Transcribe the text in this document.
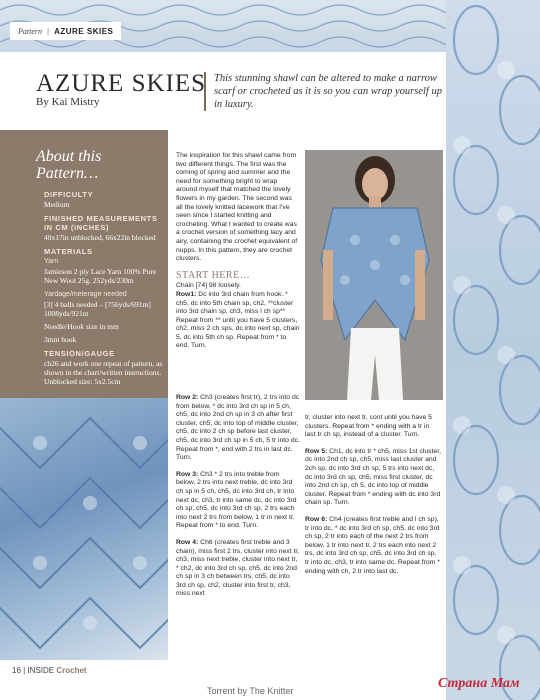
Pattern | AZURE SKIES
AZURE SKIES
By Kai Mistry
This stunning shawl can be altered to make a narrow scarf or crocheted as it is so you can wrap yourself up in luxury.
About this
Pattern…
DIFFICULTY
Medium
FINISHED MEASUREMENTS
IN CM (INCHES)
40x17in unblocked, 66x22in blocked
MATERIALS
Yarn
Jamieson 2 ply Lace Yarn 100% Pure New Wool 25g. 252yds/230m
Yardage/meterage needed
[3] 4 balls needed – [756yds/691m]
1008yds/921m
Needle/Hook size in mm
3mm hook
TENSION/GAUGE
ch26 and work one repeat of pattern, as shown in the chart/written instructions. Unblocked size: 5x2.5cm

The inspiration for this shawl came from two different things. The first was the coming of spring and summer and the need for something bright to wrap around myself that matched the lovely flowers in my garden. The second was all the lovely knitted lacework that I've seen since I started knitting and crocheting. What I wanted to create was a crochet version of something lacy and airy, containing the crochet equivalent of nupps. In this pattern, they are crochet clusters.

START HERE…
Chain [74] 98 loosely.

Row1: Dc into 3rd chain from hook. * ch5, dc into 5th chain sp, ch2, **cluster into 3rd chain sp, ch3, miss l ch sp** Repeat from ** until you have 5 clusters, ch2, miss 2 ch sps, dc into next sp, chain 5, dc into 5th ch sp. Repeat from * to end. Turn.

Row 2: Ch3 (creates first tr), 2 trs into dc from below, * dc into 3rd ch sp in 5 ch, ch5, dc into 2nd ch sp in 3 ch after first cluster, ch5, dc into top of middle cluster, ch5, dc into 2 ch sp before last cluster, ch5, dc into 3rd ch sp in 5 ch, 5 tr into dc. Repeat from *, end with 2 trs in last dc. Turn.

Row 3: Ch3 * 2 trs into treble from below, 2 trs into next treble, dc into 3rd ch sp in 5 ch, ch5, dc into 3rd ch, tr into next dc, ch3, tr into same dc, dc into 3rd ch sp, ch5, dc into 3rd ch sp, 2 trs each into next 2 trs from below, 1 tr in next tr. Repeat from * to end. Turn.

Row 4: Ch6 (creates first treble and 3 chain), miss first 2 trs, cluster into next tr, ch3, miss next treble, cluster into next tr, * ch2, dc into 3rd ch sp, ch5, dc into 2nd ch sp in 3 ch between trs, ch5, dc into 3rd ch sp, ch2, cluster into first tr, ch3, miss next

tr, cluster into next tr, cont until you have 5 clusters. Repeat from * ending with a tr in last tr ch sp, instead of a cluster. Turn.

Row 5: Ch1, dc into tr * ch5, miss 1st cluster, dc into 2nd ch sp, ch5, miss last cluster and 2ch sp, dc into 3rd ch sp, 5 trs into next dc, dc into 3rd ch sp, ch5, miss first cluster, dc into 2nd ch sp, ch 5, dc into top of middle cluster. Repeat from * ending with dc into 3rd chain sp. Turn.

Row 6: Ch4 (creates first treble and l ch sp), tr into dc, * dc into 3rd ch sp, ch5, dc into 3rd ch sp, 2 tr into each of the next 2 trs from below, 1 tr into next tr, 2 trs each into next 2 trs, dc into 3rd ch sp, ch5, dc into 3rd ch sp, tr into dc, ch3, tr into same dc. Repeat from * ending with ch, 2 tr into last dc.

16 | INSIDE Crochet
Torrent by The Knitter	Страна Мам
